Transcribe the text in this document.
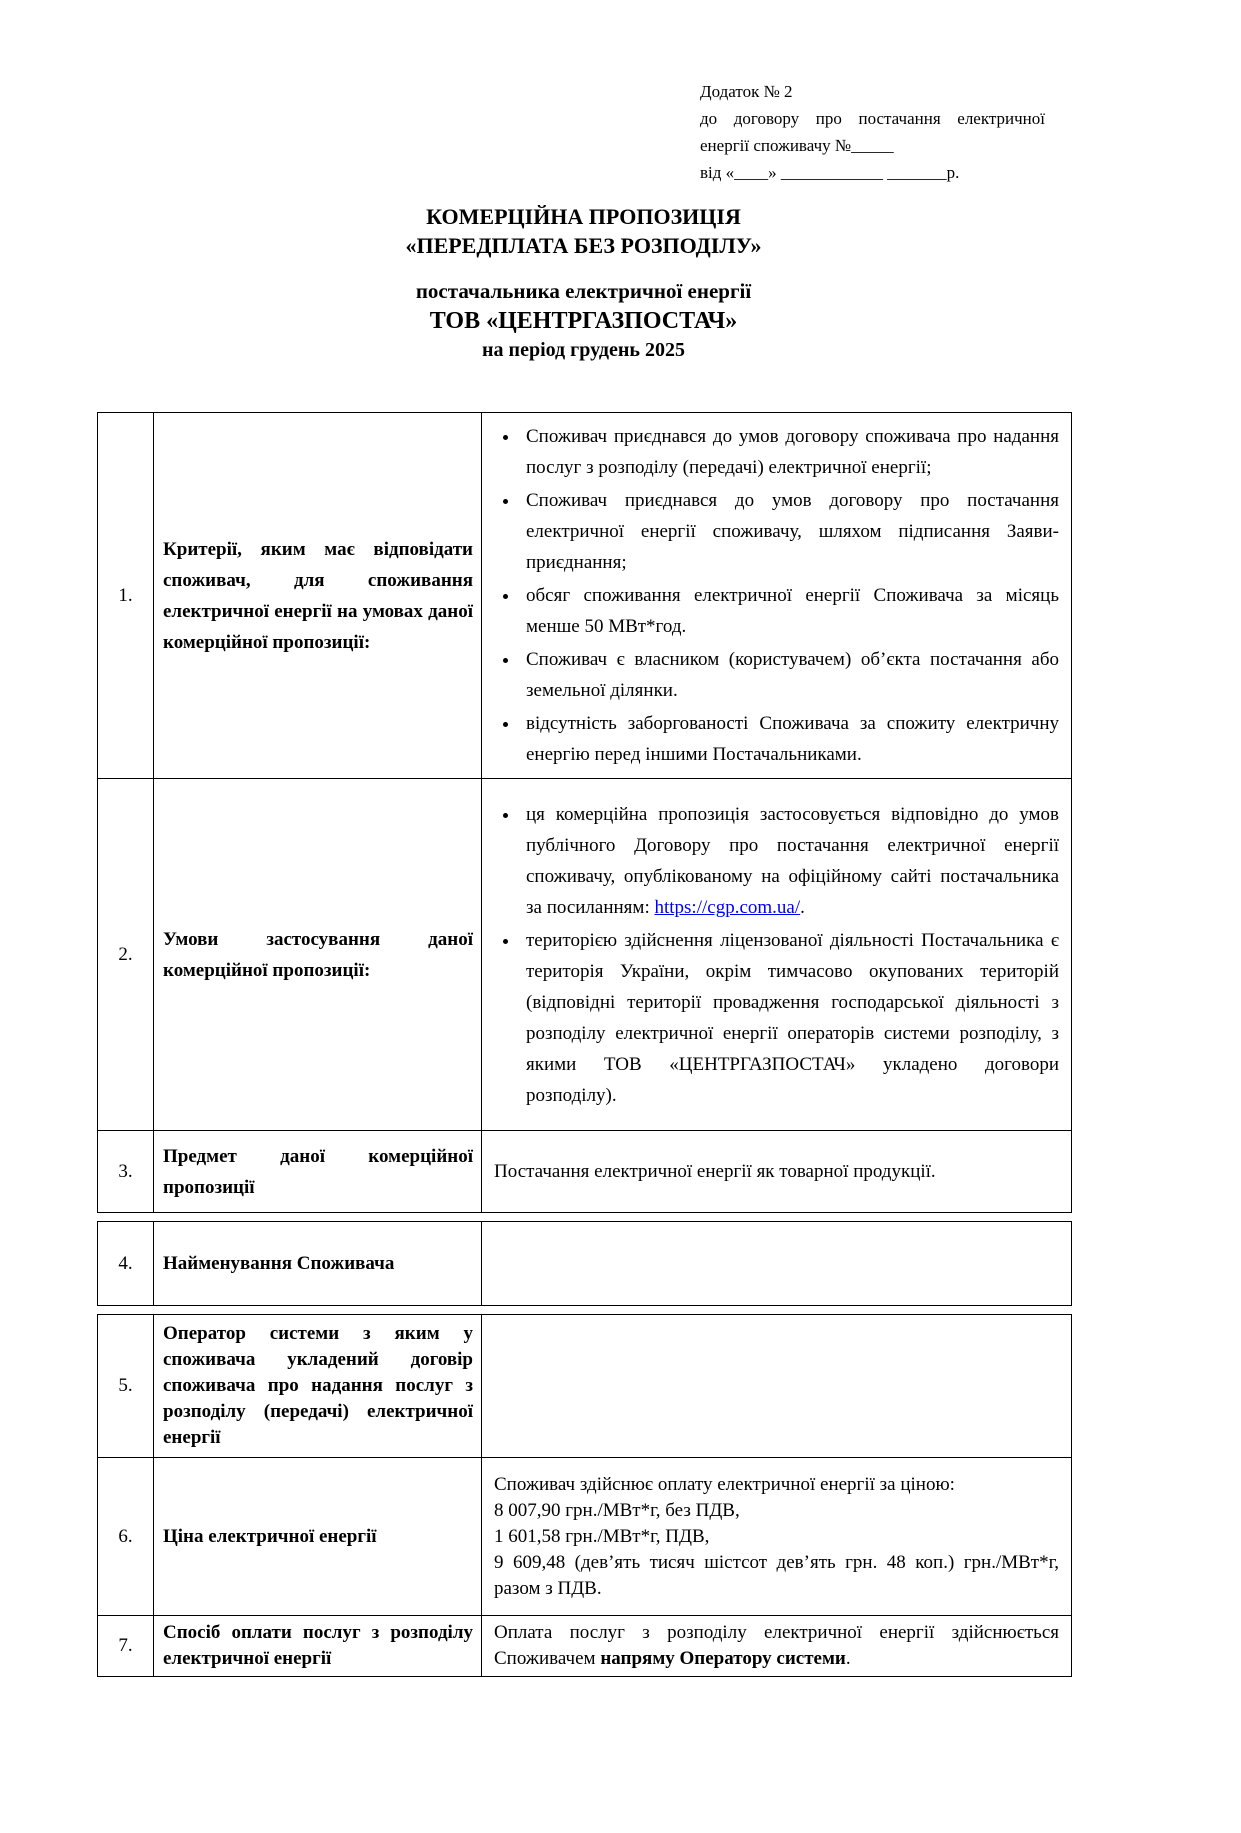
Додаток № 2
до договору про постачання електричної
енергії споживачу №_____
від «____» ____________ _______р.
КОМЕРЦІЙНА ПРОПОЗИЦІЯ
«ПЕРЕДПЛАТА БЕЗ РОЗПОДІЛУ»
постачальника електричної енергії
ТОВ «ЦЕНТРГАЗПОСТАЧ»
на період грудень 2025
1.	Критерії, яким має відповідати споживач, для споживання електричної енергії на умовах даної комерційної пропозиції:	
• Споживач приєднався до умов договору споживача про надання послуг з розподілу (передачі) електричної енергії;
• Споживач приєднався до умов договору про постачання електричної енергії споживачу, шляхом підписання Заяви-приєднання;
• обсяг споживання електричної енергії Споживача за місяць менше 50 МВт*год.
• Споживач є власником (користувачем) об’єкта постачання або земельної ділянки.
• відсутність заборгованості Споживача за спожиту електричну енергію перед іншими Постачальниками.

2.	Умови застосування даної комерційної пропозиції:	
• ця комерційна пропозиція застосовується відповідно до умов публічного Договору про постачання електричної енергії споживачу, опублікованому на офіційному сайті постачальника за посиланням: https://cgp.com.ua/.
• територією здійснення ліцензованої діяльності Постачальника є територія України, окрім тимчасово окупованих територій (відповідні території провадження господарської діяльності з розподілу електричної енергії операторів системи розподілу, з якими ТОВ «ЦЕНТРГАЗПОСТАЧ» укладено договори розподілу).

3.	Предмет даної комерційної пропозиції	Постачання електричної енергії як товарної продукції.
4.	Найменування Споживача	
5.	Оператор системи з яким у споживача укладений договір споживача про надання послуг з розподілу (передачі) електричної енергії	
6.	Ціна електричної енергії	Споживач здійснює оплату електричної енергії за ціною:
8 007,90 грн./МВт*г, без ПДВ,
1 601,58 грн./МВт*г, ПДВ,
9 609,48 (дев’ять тисяч шістсот дев’ять грн. 48 коп.) грн./МВт*г, разом з ПДВ.

7.	Спосіб оплати послуг з розподілу електричної енергії	Оплата послуг з розподілу електричної енергії здійснюється Споживачем напряму Оператору системи.
